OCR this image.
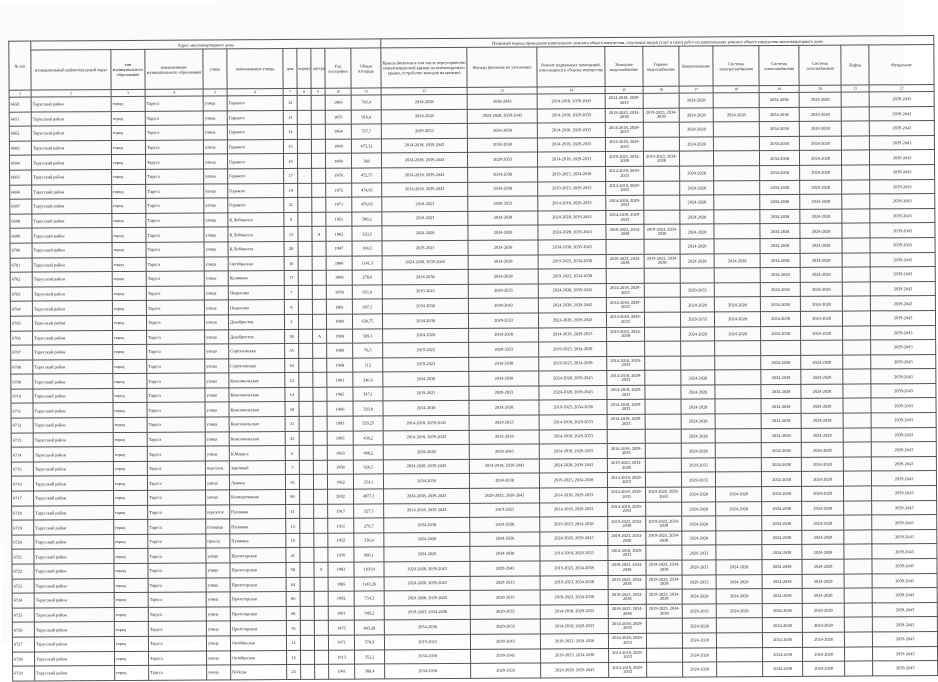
№ п/п	Адрес многоквартирного дома										Плановый период проведения капитального ремонта общего имущества, отдельных видов услуг и (или) работ по капитальному ремонту общего имущества многоквартирного дома										
	муниципальный район/городской округ	тип муниципального образования	наименование муниципального образования	улица	наименование улицы	дом	корпус	литера	Год постройки	Общая площадь	Крыша (включая в том числе переустройство невентилируемой крыши на вентилируемую крышу, устройство выходов на кровлю)	Фасады (включая их утепление)	Ремонт подвальных помещений, относящихся к общему имуществу	Холодное водоснабжение	Горячее водоснабжение	Канализование	Система электроснабжения	Система теплоснабжения	Система газоснабжения	Лифты	Фундамент
1	2	3	4	5	6	7	8	9	10	11	12	13	14	15	16	17	18	19	20	21	22
6650	Тарусский район	город	Таруса	улица	Горького	12			1966	743,4	2034-2038	2038-2043	2014-2018, 2039-2043	2014-2018, 2029-2033		2024-2028		2034-2038	2024-2028		2039-2043
6651	Тарусский район	город	Таруса	улица	Горького	13			1975	916,6	2024-2028	2024-2028, 2039-2043	2014-2018, 2029-2033	2019-2023, 2034-2038	2019-2023, 2034-2038	2024-2028	2024-2028	2034-2038	2024-2028		2039-2043
6662	Тарусский район	город	Таруса	улица	Горького	14			1964	557,7	2029-2033	2034-2038	2014-2018, 2029-2033	2014-2018, 2029-2033		2024-2028		2034-2038	2024-2028		2039-2043
6683	Тарусский район	город	Таруса	улица	Горького	15			1969	473,32	2014-2018, 2039-2043	2034-2038	2014-2018, 2029-2033	2014-2018, 2029-2033		2024-2028		2034-2038	2024-2028		2039-2043
6694	Тарусский район	город	Таруса	улица	Горького	16			1969	360	2034-2038, 2039-2043	2029-2033	2014-2018, 2029-2033	2019-2023, 2034-2038	2019-2023, 2034-2038			2034-2038	2024-2028		2039-2043
6695	Тарусский район	город	Таруса	улица	Горького	17			1970	472,57	2014-2018, 2039-2043	2034-2038	2019-2023, 2034-2038	2014-2018, 2029-2033		2024-2028		2034-2038	2024-2028		2039-2043
6696	Тарусский район	город	Таруса	улица	Горького	19			1972	474,93	2014-2018, 2039-2043	2034-2038	2019-2023, 2029-2033	2014-2018, 2029-2033		2024-2028		2034-2038	2024-2028		2039-2043
6697	Тарусский район	город	Таруса	улица	Горького	21			1971	470,95	2018-2023	2029-2033	2014-2018, 2029-2033	2014-2018, 2029-2033		2024-2028		2034-2038	2024-2028		2039-2043
6698	Тарусский район	город	Таруса	улица	К.Либкнехта	6			1951	580,2	2018-2023	2034-2038	2024-2028, 2039-2043	2014-2018, 2029-2033		2024-2028		2034-2038	2024-2028		2039-2043
6699	Тарусский район	город	Таруса	улица	К.Либкнехта	13		А	1962	320,5	2024-2028	2024-2028	2024-2028, 2039-2043	2019-2023, 2034-2038	2019-2023, 2034-2038	2024-2028		2034-2038	2024-2028		2039-2043
6700	Тарусский район	город	Таруса	улица	К.Либкнехта	28			1947	168,3	2019-2023	2034-2038	2034-2038, 2039-2043			2024-2028		2034-2038	2024-2028		2039-2043
6701	Тарусский район	город	Таруса	улица	Октябрьская	16			1986	1141,5	2024-2028, 2039-2043	2034-2038	2019-2023, 2034-2038	2019-2023, 2034-2038	2019-2023, 2034-2038	2024-2028	2024-2028	2034-2038	2024-2028		2039-2043
6702	Тарусский район	город	Таруса	улица	Калинина	17			1968	278,6	2034-2038	2034-2038	2019-2023, 2034-2038					2034-2038	2024-2028		2039-2043
6703	Тарусский район	город	Таруса	улица	Некрасова	7			1978	951,9	2019-2023	2029-2033	2024-2028, 2039-2043	2014-2018, 2029-2033		2029-2033		2034-2038	2024-2028		2039-2043
6704	Тарусский район	город	Таруса	улица	Некрасова	9			1981	697,5	2034-2038	2039-2043	2024-2028, 2039-2043	2014-2018, 2029-2033		2024-2028	2024-2028	2034-2038	2024-2028		2039-2043
6705	Тарусский район	город	Таруса	улица	Декабристов	2			1980	630,75	2034-2038	2029-2033	2024-2028, 2039-2043	2014-2018, 2029-2033		2029-2033	2024-2028	2034-2038	2024-2028		2039-2043
6706	Тарусский район	город	Таруса	улица	Декабристов	30		А	1990	599,1	2024-2028	2034-2038	2014-2018, 2029-2033	2019-2023, 2034-2038		2024-2028	2024-2028	2034-2038	2024-2028		2039-2043
6707	Тарусский район	город	Таруса	улица	Серпуховская	55			1980	76,5	2019-2023	2029-2033	2019-2023, 2034-2038								2039-2043
6708	Тарусский район	город	Таруса	улица	Серпуховская	63			1968	112	2019-2023	2034-2038	2019-2023, 2034-2038	2014-2018, 2029-2033				2034-2038	2024-2028		2039-2043
6709	Тарусский район	город	Таруса	улица	Комсомольская	12			1961	346,6	2034-2038	2034-2038	2024-2028, 2039-2043	2014-2018, 2029-2033		2024-2028		2034-2038	2024-2028		2039-2043
6710	Тарусский район	город	Таруса	улица	Комсомольская	14			1965	347,1	2019-2023	2029-2033	2024-2028, 2039-2043	2014-2018, 2029-2033		2024-2028		2034-2038	2024-2028		2039-2043
6711	Тарусский район	город	Таруса	улица	Комсомольская	18			1960	329,8	2034-2038	2034-2038	2019-2023, 2034-2038	2014-2018, 2029-2033		2024-2028		2034-2038	2024-2028		2039-2043
6712	Тарусский район	город	Таруса	улица	Комсомольская	21			1993	529,25	2014-2018, 2039-2043	2029-2033	2014-2018, 2029-2033	2014-2018, 2029-2033		2024-2028		2034-2038	2024-2028		2039-2043
6713	Тарусский район	город	Таруса	улица	Комсомольская	23			1993	430,2	2014-2018, 2039-2043	2014-2018	2014-2018, 2029-2033			2024-2028		2034-2038	2024-2028		2039-2043
6714	Тарусский район	город	Таруса	улица	К.Маркса	6			1963	498,2	2034-2038	2039-2043	2014-2018, 2029-2033	2014-2018, 2029-2033		2024-2028		2034-2038	2024-2028		2039-2043
6715	Тарусский район	город	Таруса	переулок	Заречный	7			1958	626,5	2024-2028, 2039-2043	2014-2018, 2039-2043	2024-2028, 2039-2043	2019-2023, 2034-2038		2029-2033		2034-2038	2024-2028		2039-2043
6716	Тарусский район	город	Таруса	улица	Ленина	55			1962	254,1	2034-2038	2034-2038	2019-2023, 2034-2038	2014-2018, 2029-2033		2029-2033		2034-2038	2024-2028		2039-2043
6717	Тарусский район	город	Таруса	улица	Кооперативная	86			2002	4977,1	2034-2038, 2039-2043	2029-2033, 2039-2043	2014-2018, 2029-2033	2014-2018, 2029-2033	2024-2028, 2039-2043	2024-2028	2024-2028	2034-2038	2024-2028		2039-2043
6718	Тарусский район	город	Таруса	переулок	Пушкина	11			1917	327,5	2014-2018, 2039-2043	2019-2023	2014-2018, 2029-2033	2014-2018, 2029-2033		2024-2028	2024-2028	2034-2038	2024-2028		2039-2043
6719	Тарусский район	город	Таруса	площадь	Пушкина	13			1911	270,7	2034-2038	2034-2038	2019-2023, 2034-2038	2019-2023, 2034-2038	2019-2023, 2034-2038	2024-2028		2034-2038	2024-2028		2039-2043
6720	Тарусский район	город	Таруса	проезд	Пушкина	15			1952	336,4	2024-2028	2034-2038	2024-2028, 2039-2043	2019-2023, 2034-2038	2019-2023, 2034-2038	2024-2028		2034-2038	2024-2028		2039-2043
6721	Тарусский район	город	Таруса	улица	Пролетарская	41			1976	906,1	2024-2028	2034-2038	2014-2018, 2029-2033	2014-2018, 2029-2033		2029-2033		2034-2038	2024-2028		2039-2043
6722	Тарусский район	город	Таруса	улица	Пролетарская	58		А	1983	1169,9	2024-2028, 2039-2043	2039-2043	2019-2023, 2034-2038	2019-2023, 2034-2038	2019-2023, 2034-2038	2029-2033	2024-2028	2034-2038	2024-2028		2039-2043
6723	Тарусский район	город	Таруса	улица	Пролетарская	64			1985	1143,26	2024-2028, 2039-2043	2029-2033	2019-2023, 2034-2038	2019-2023, 2034-2038	2019-2023, 2034-2038	2029-2033	2024-2028	2034-2038	2024-2028		2039-2043
6724	Тарусский район	город	Таруса	улица	Пролетарская	66			1992	734,3	2024-2028, 2039-2043	2029-2033	2019-2023, 2034-2038	2019-2023, 2034-2038	2019-2023, 2034-2038	2024-2028	2024-2028	2034-2038	2024-2028		2039-2043
6725	Тарусский район	город	Таруса	улица	Пролетарская	68			1991	949,2	2019-2023, 2034-2038	2029-2033	2014-2018, 2029-2033	2019-2023, 2034-2038	2019-2023, 2034-2038	2029-2033	2024-2028	2034-2038	2024-2028		2039-2043
6726	Тарусский район	город	Таруса	улица	Пролетарская	76			1973	443,28	2034-2038	2029-2033	2014-2018, 2029-2033	2014-2018, 2029-2033		2024-2028		2034-2038	2024-2028		2039-2043
6727	Тарусский район	город	Таруса	улица	Октябрьская	12			1971	578,9	2019-2023	2039-2043	2019-2023, 2034-2038	2014-2018, 2029-2033		2024-2028		2034-2038	2024-2028		2039-2043
6728	Тарусский район	город	Таруса	улица	Октябрьская	14			1913	352,2	2034-2038	2039-2043	2019-2023, 2034-2038	2014-2018, 2029-2033		2024-2028		2034-2038	2024-2028		2039-2043
6729	Тарусский район	город	Таруса	улица	Победы	23			1961	308,4	2034-2038	2029-2033	2024-2028, 2039-2043	2014-2018, 2029-2033		2024-2028		2034-2038	2024-2028		2039-2043
